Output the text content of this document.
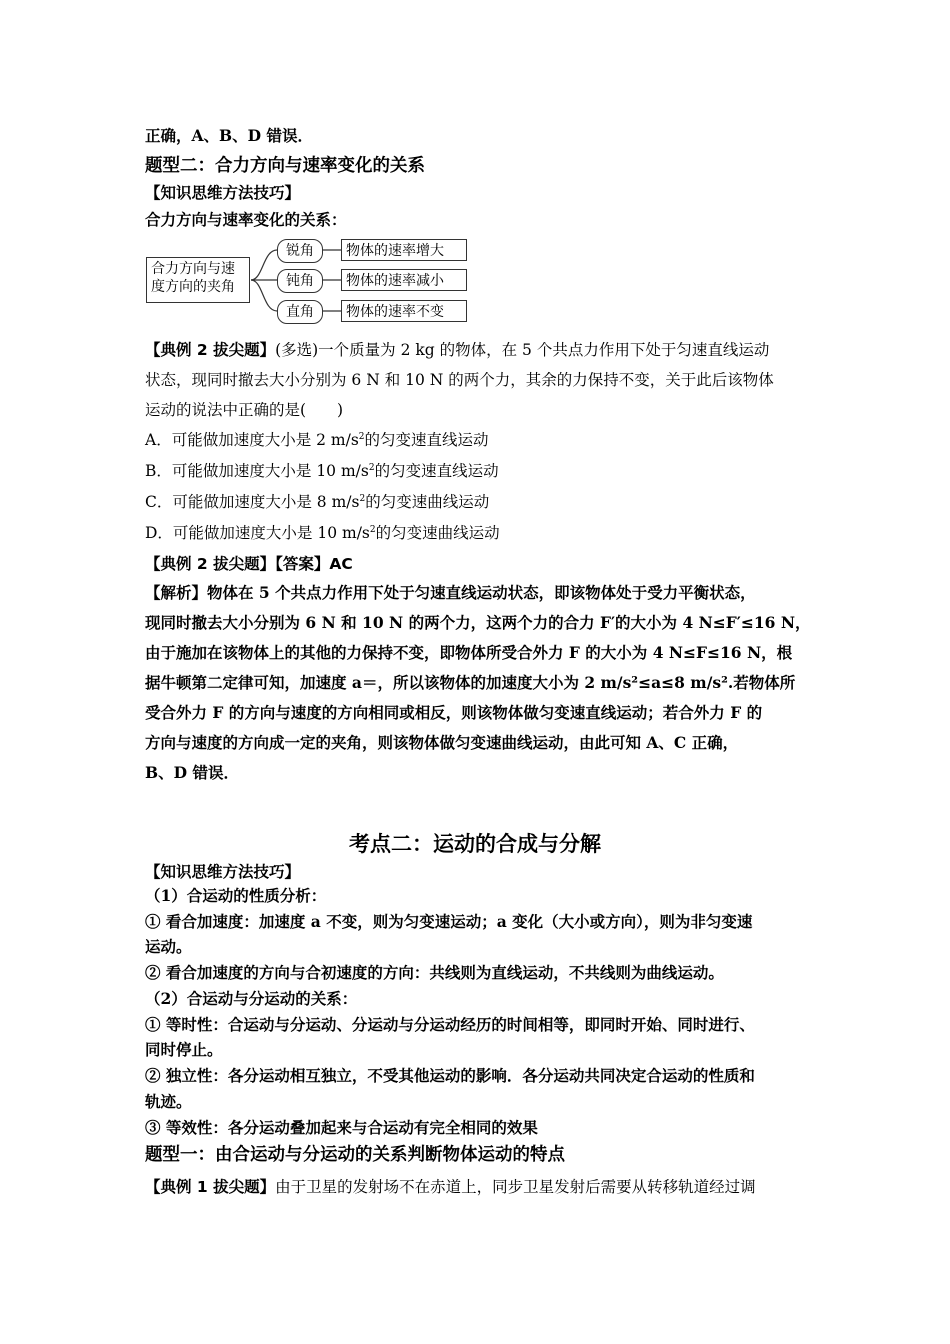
正确，A、B、D 错误．
题型二：合力方向与速率变化的关系
【知识思维方法技巧】
合力方向与速率变化的关系：
合力方向与速
度方向的夹角
锐角
钝角
直角
物体的速率增大
物体的速率减小
物体的速率不变
【典例 2 拔尖题】(多选)一个质量为 2 kg 的物体，在 5 个共点力作用下处于匀速直线运动
状态，现同时撤去大小分别为 6 N 和 10 N 的两个力，其余的力保持不变，关于此后该物体
运动的说法中正确的是(　　)
A．可能做加速度大小是 2 $m/s^2$的匀变速直线运动
B．可能做加速度大小是 10 $m/s^2$的匀变速直线运动
C．可能做加速度大小是 8 $m/s^2$的匀变速曲线运动
D．可能做加速度大小是 10 $m/s^2$的匀变速曲线运动
【典例 2 拔尖题】【答案】AC
【解析】物体在 5 个共点力作用下处于匀速直线运动状态，即该物体处于受力平衡状态，
现同时撤去大小分别为 6 N 和 10 N 的两个力，这两个力的合力 F′的大小为 4 N≤F′≤16 N，
由于施加在该物体上的其他的力保持不变，即物体所受合外力 F 的大小为 4 N≤F≤16 N，根
据牛顿第二定律可知，加速度 a＝，所以该物体的加速度大小为 2 m/s²≤a≤8 m/s².若物体所
受合外力 F 的方向与速度的方向相同或相反，则该物体做匀变速直线运动；若合外力 F 的
方向与速度的方向成一定的夹角，则该物体做匀变速曲线运动，由此可知 A、C 正确，
B、D 错误．
考点二：运动的合成与分解
【知识思维方法技巧】
（1）合运动的性质分析：
① 看合加速度：加速度 a 不变，则为匀变速运动；a 变化（大小或方向），则为非匀变速
运动。
② 看合加速度的方向与合初速度的方向：共线则为直线运动，不共线则为曲线运动。
（2）合运动与分运动的关系：
① 等时性：合运动与分运动、分运动与分运动经历的时间相等，即同时开始、同时进行、
同时停止。
② 独立性：各分运动相互独立，不受其他运动的影响．各分运动共同决定合运动的性质和
轨迹。
③ 等效性：各分运动叠加起来与合运动有完全相同的效果
题型一：由合运动与分运动的关系判断物体运动的特点
【典例 1 拔尖题】由于卫星的发射场不在赤道上，同步卫星发射后需要从转移轨道经过调
